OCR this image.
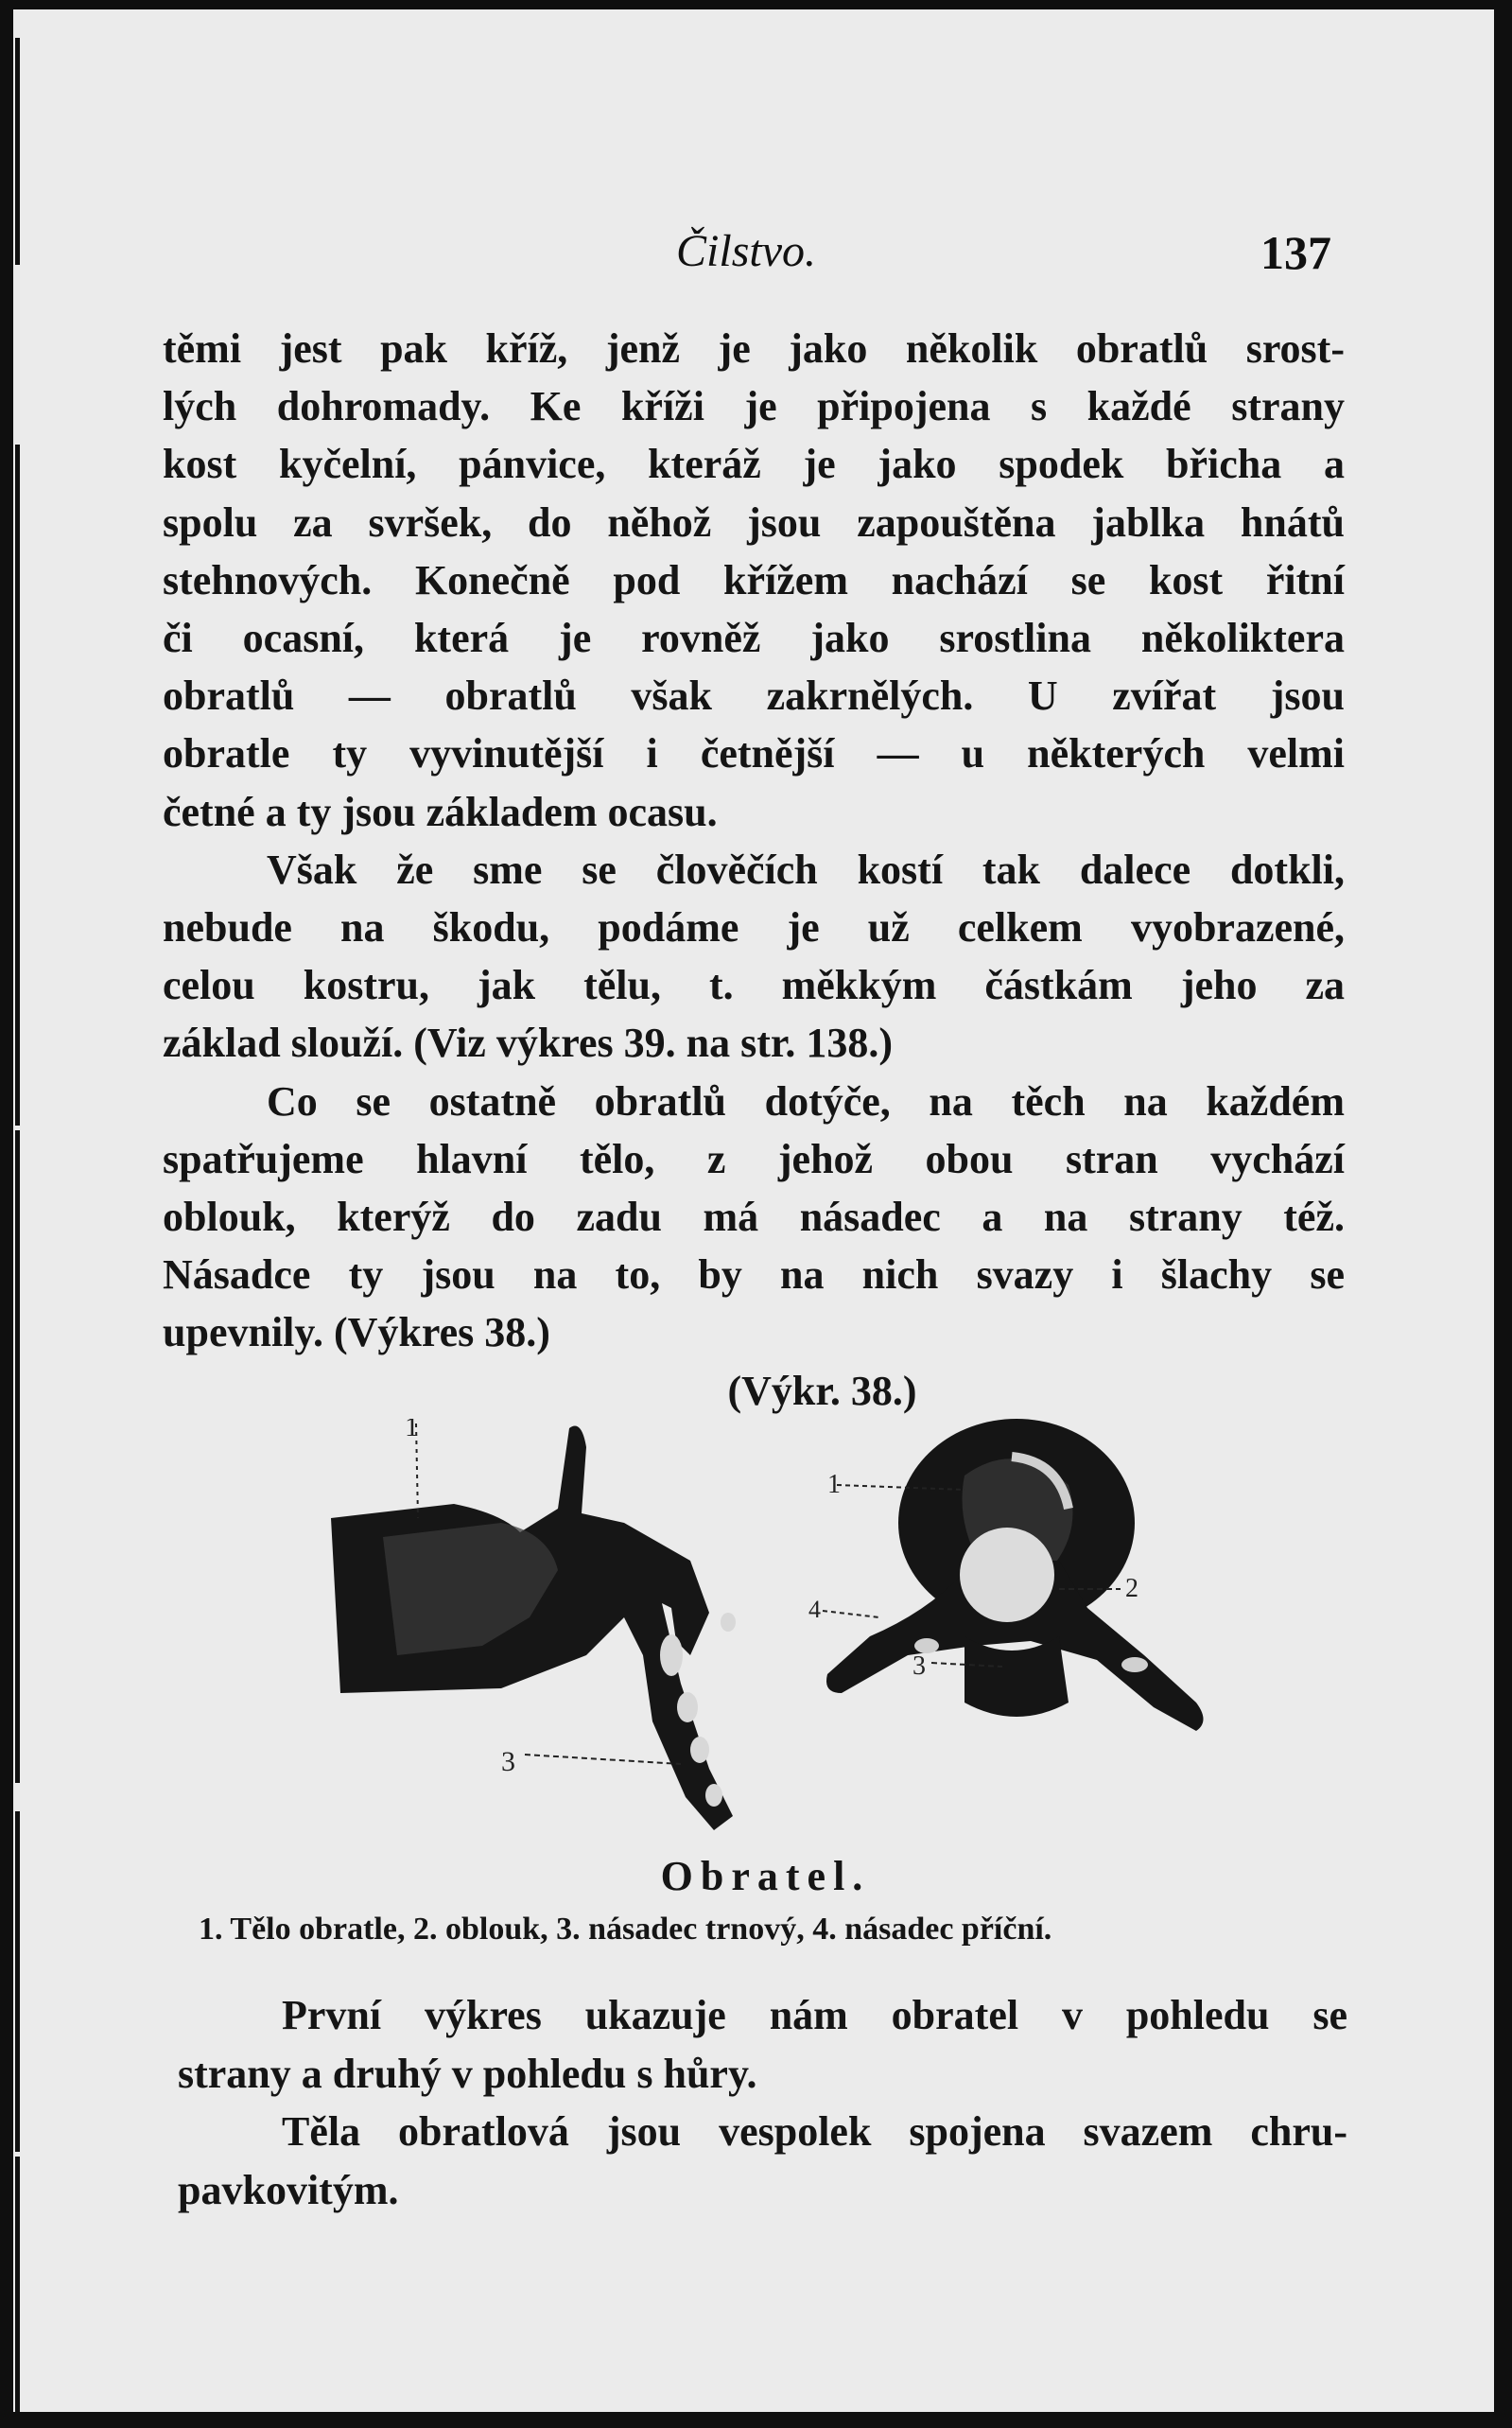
Čilstvo.	137
těmi jest pak kříž, jenž je jako několik obratlů srost-
lých dohromady. Ke kříži je připojena s každé strany
kost kyčelní, pánvice, kteráž je jako spodek břicha a
spolu za svršek, do něhož jsou zapouštěna jablka hnátů
stehnových. Konečně pod křížem nachází se kost řitní
či ocasní, která je rovněž jako srostlina několiktera
obratlů — obratlů však zakrnělých. U zvířat jsou
obratle ty vyvinutější i četnější — u některých velmi
četné a ty jsou základem ocasu.
Však že sme se člověčích kostí tak dalece dotkli,
nebude na škodu, podáme je už celkem vyobrazené,
celou kostru, jak tělu, t. měkkým částkám jeho za
základ slouží. (Viz výkres 39. na str. 138.)
Co se ostatně obratlů dotýče, na těch na každém
spatřujeme hlavní tělo, z jehož obou stran vychází
oblouk, kterýž do zadu má násadec a na strany též.
Násadce ty jsou na to, by na nich svazy i šlachy se
upevnily. (Výkres 38.)
(Výkr. 38.)
1
3
1
2
4
3
Obratel.
1. Tělo obratle, 2. oblouk, 3. násadec trnový, 4. násadec příční.
První výkres ukazuje nám obratel v pohledu se
strany a druhý v pohledu s hůry.
Těla obratlová jsou vespolek spojena svazem chru-
pavkovitým.
